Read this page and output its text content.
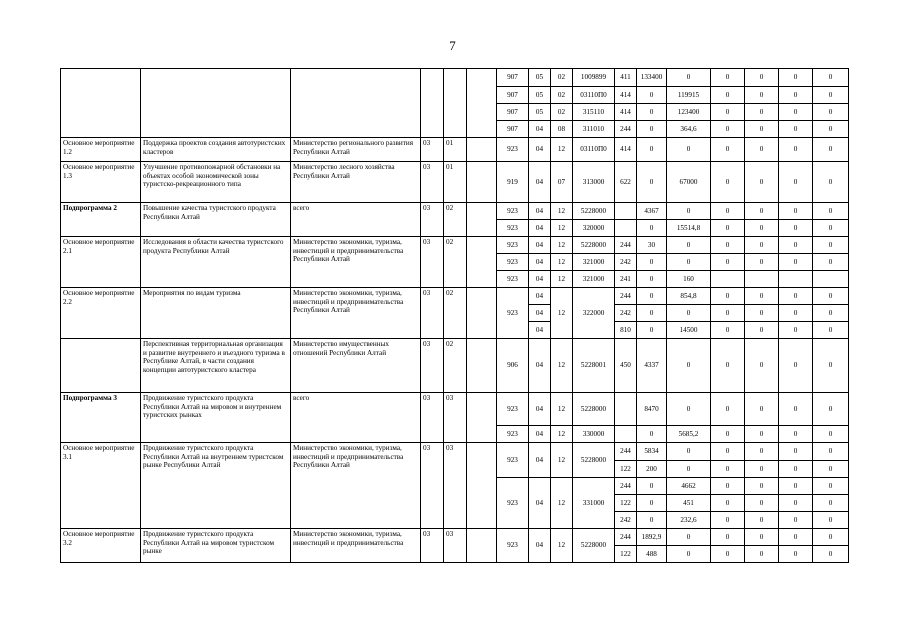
7
						907	05	02	1009899	411	133400	0	0	0	0	0
						907	05	02	03110П0	414	0	119915	0	0	0	0
						907	05	02	315110	414	0	123400	0	0	0	0
						907	04	08	311010	244	0	364,6	0	0	0	0
Основное мероприятие 1.2	Поддержка проектов создания автотуристских кластеров	Министерство регионального развития Республики Алтай	03	01		923	04	12	03110П0	414	0	0	0	0	0	0
Основное мероприятие 1.3	Улучшение противопожарной обстановки на объектах особой экономической зоны туристско-рекреационного типа	Министерство лесного хозяйства Республики Алтай	03	01		919	04	07	313000	622	0	67000	0	0	0	0
Подпрограмма 2	Повышение качества туристского продукта Республики Алтай	всего	03	02		923	04	12	5228000		4367	0	0	0	0	0
						923	04	12	320000		0	15514,8	0	0	0	0
Основное мероприятие 2.1	Исследования в области качества туристского продукта Республики Алтай	Министерство экономики, туризма, инвестиций и предпринимательства Республики Алтай	03	02		923	04	12	5228000	244	30	0	0	0	0	0
						923	04	12	321000	242	0	0	0	0	0	0
						923	04	12	321000	241	0	160				
Основное мероприятие 2.2	Мероприятия по видам туризма	Министерство экономики, туризма, инвестиций и предпринимательства Республики Алтай	03	02		923	04	12	322000	244	0	854,8	0	0	0	0
							04			242	0	0	0	0	0	0
							04			810	0	14500	0	0	0	0
	Перспективная территориальная организация и развитие внутреннего и въездного туризма в Республике Алтай, в части создания концепции автотуристского кластера	Министерство имущественных отношений Республики Алтай	03	02		906	04	12	5228001	450	4337	0	0	0	0	0
Подпрограмма 3	Продвижение туристского продукта Республики Алтай на мировом и внутреннем туристских рынках	всего	03	03		923	04	12	5228000		8470	0	0	0	0	0
						923	04	12	330000		0	5685,2	0	0	0	0
Основное мероприятие 3.1	Продвижение туристского продукта Республики Алтай на внутреннем туристском рынке Республики Алтай	Министерство экономики, туризма, инвестиций и предпринимательства Республики Алтай	03	03		923	04	12	5228000	244	5834	0	0	0	0	0
										122	200	0	0	0	0	0
						923	04	12	331000	244	0	4662	0	0	0	0
										122	0	451	0	0	0	0
										242	0	232,6	0	0	0	0
Основное мероприятие 3.2	Продвижение туристского продукта Республики Алтай на мировом туристском рынке	Министерство экономики, туризма, инвестиций и предпринимательства	03	03		923	04	12	5228000	244	1892,9	0	0	0	0	0
										122	488	0	0	0	0	0
